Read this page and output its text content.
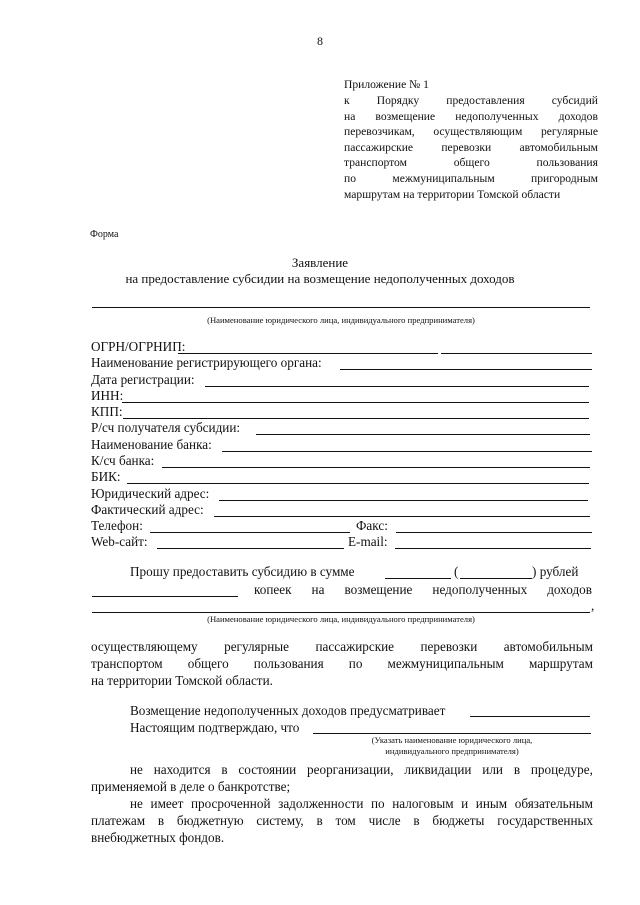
8
Приложение № 1
к Порядку предоставления субсидий
на возмещение недополученных доходов
перевозчикам, осуществляющим регулярные
пассажирские перевозки автомобильным
транспортом	общего	пользования
по	межмуниципальным	пригородным
маршрутам на территории Томской области
Форма
Заявление
на предоставление субсидии на возмещение недополученных доходов
(Наименование юридического лица, индивидуального предпринимателя)
ОГРН/ОГРНИП:
Наименование регистрирующего органа:
Дата регистрации:
ИНН:
КПП:
Р/сч получателя субсидии:
Наименование банка:
К/сч банка:
БИК:
Юридический адрес:
Фактический адрес:
Телефон:	Факс:
Web-сайт:	E-mail:
Прошу предоставить субсидию в сумме	(	) рублей
копеек на возмещение недополученных доходов
,
(Наименование юридического лица, индивидуального предпринимателя)
осуществляющему регулярные пассажирские перевозки автомобильным
транспортом общего пользования по межмуниципальным маршрутам
на территории Томской области.
Возмещение недополученных доходов предусматривает
Настоящим подтверждаю, что
(Указать наименование юридического лица,
индивидуального предпринимателя)
не находится в состоянии реорганизации, ликвидации или в процедуре,
применяемой в деле о банкротстве;
не имеет просроченной задолженности по налоговым и иным обязательным
платежам в бюджетную систему, в том числе в бюджеты государственных
внебюджетных фондов.
